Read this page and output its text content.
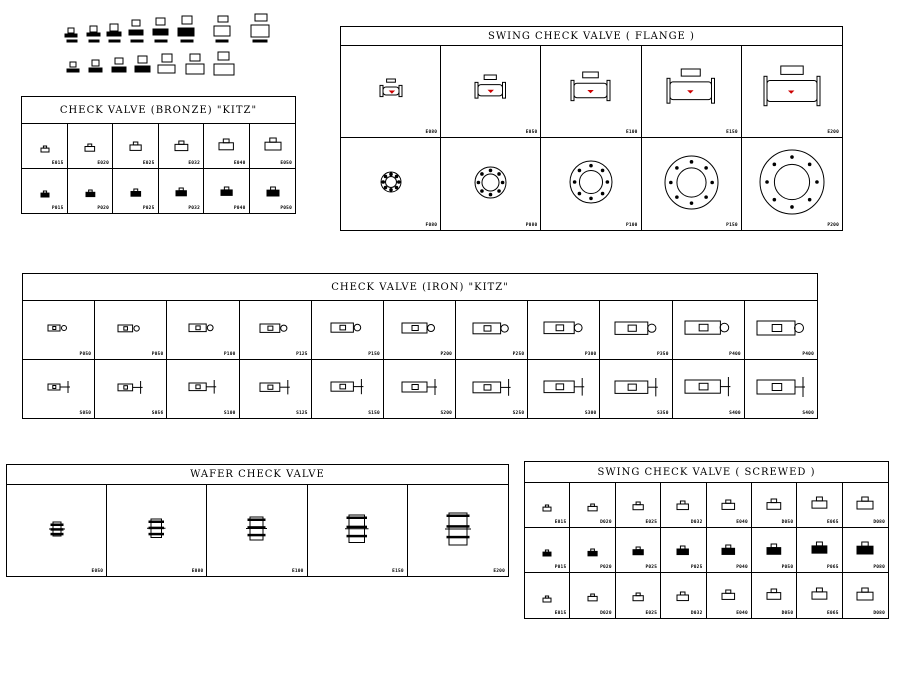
CHECK VALVE (BRONZE) "KITZ"
E015	E020	E025	E032	E040	E050
P015	P020	P025	P032	P040	P050
SWING CHECK VALVE ( FLANGE )
E080	E050	E100	E150	E200
F080	P080	P100	P150	P200
CHECK VALVE (IRON) "KITZ"
P050	P050	P100	P125	P150	P200	P250	P300	P350	P400	P400
S050	S056	S100	S125	S150	S200	S250	S300	S350	S400	S400
WAFER CHECK VALVE
E050	E080	E100	E150	E200
SWING CHECK VALVE ( SCREWED )
E015	D020	E025	D032	E040	D050	E065	D080
P015	P020	P025	P025	P040	P050	P065	P080
E015	D020	E025	D032	E040	D050	E065	D080
